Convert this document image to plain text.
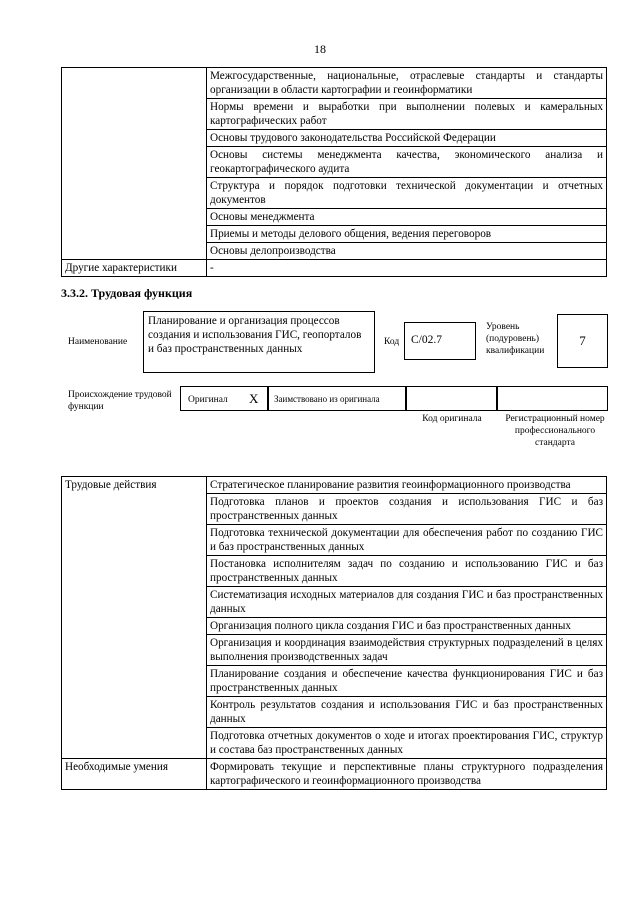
18
	Межгосударственные, национальные, отраслевые стандарты и стандарты организации в области картографии и геоинформатики
	Нормы времени и выработки при выполнении полевых и камеральных картографических работ
	Основы трудового законодательства Российской Федерации
	Основы системы менеджмента качества, экономического анализа и геокартографического аудита
	Структура и порядок подготовки технической документации и отчетных документов
	Основы менеджмента
	Приемы и методы делового общения, ведения переговоров
	Основы делопроизводства
Другие характеристики	-
3.3.2. Трудовая функция
Наименование
Планирование и организация процессов создания и использования ГИС, геопорталов и баз пространственных данных
Код	С/02.7
Уровень (подуровень) квалификации
7
Происхождение трудовой функции
Оригинал X Заимствовано из оригинала
Код оригинала	Регистрационный номер профессионального стандарта
Трудовые действия	Стратегическое планирование развития геоинформационного производства
	Подготовка планов и проектов создания и использования ГИС и баз пространственных данных
	Подготовка технической документации для обеспечения работ по созданию ГИС и баз пространственных данных
	Постановка исполнителям задач по созданию и использованию ГИС и баз пространственных данных
	Систематизация исходных материалов для создания ГИС и баз пространственных данных
	Организация полного цикла создания ГИС и баз пространственных данных
	Организация и координация взаимодействия структурных подразделений в целях выполнения производственных задач
	Планирование создания и обеспечение качества функционирования ГИС и баз пространственных данных
	Контроль результатов создания и использования ГИС и баз пространственных данных
	Подготовка отчетных документов о ходе и итогах проектирования ГИС, структур и состава баз пространственных данных
Необходимые умения	Формировать текущие и перспективные планы структурного подразделения картографического и геоинформационного производства
